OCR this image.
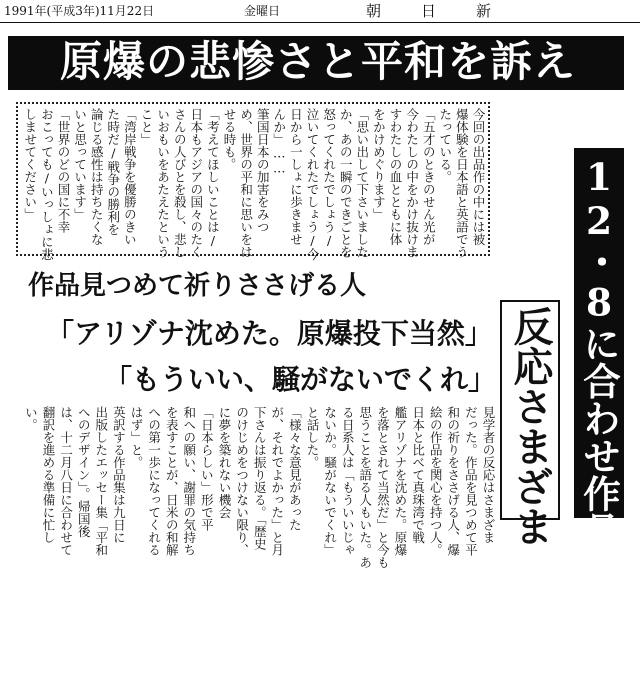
1991年(平成3年)11月22日	金曜日	朝日新
原爆の悲惨さと平和を訴え
今回の出品作の中には被
爆体験を日本語と英語でう
たっている。
「五才のときのせん光が
今わたしの中をかけ抜けま
すわたしの血とともに体
をかけめぐります」
「思い出して下さいました
か、あの一瞬のできごとを
怒ってくれたでしょう/
泣いてくれたでしょう/今
日から一しょに歩きませ
んか」……
筆国日本の加害をみつ
め、世界の平和に思いをは
せる時も。
「考えてほしいことは/
日本もアジアの国々のたく
さんの人びとを殺し、悲し
いおもいをあたえたという
こと」
「湾岸戦争を優勝のきい
た時だ/戦争の勝利を
論じる感性は持ちたくな
いと思っています」
「世界のどの国に不幸
おこっても/いっしょに悲
しませてください」	12・8に合わせ作品集を英訳
作品見つめて祈りささげる人
「アリゾナ沈めた。原爆投下当然」
「もういい、騒がないでくれ」 反応さまざま
見学者の反応はさまざま
だった。作品を見つめて平
和の祈りをささげる人、爆
絵の作品を関心を持つ人。
日本と比べて真珠湾で戦
艦アリゾナを沈めた。原爆
を落とされて当然だ」と今も
思うことを語る人もいた。あ
る日系人は「もういいじゃ
ないか。騒がないでくれ」
と話した。
「様々な意見があった
が、それでよかった」と月
下さんは振り返る。「歴史
のけじめをつけない限り、
に夢を築れない機会
「日本らしい」形で平
和への願い、謝罪の気持ち
を表すことが、日米の和解
への第一歩になってくれる
はず」と。
英訳する作品集は九日に
出版したエッセー集「平和
へのデザイン」。帰国後
は、十二月八日に合わせて
翻訳を進める準備に忙し
い。
